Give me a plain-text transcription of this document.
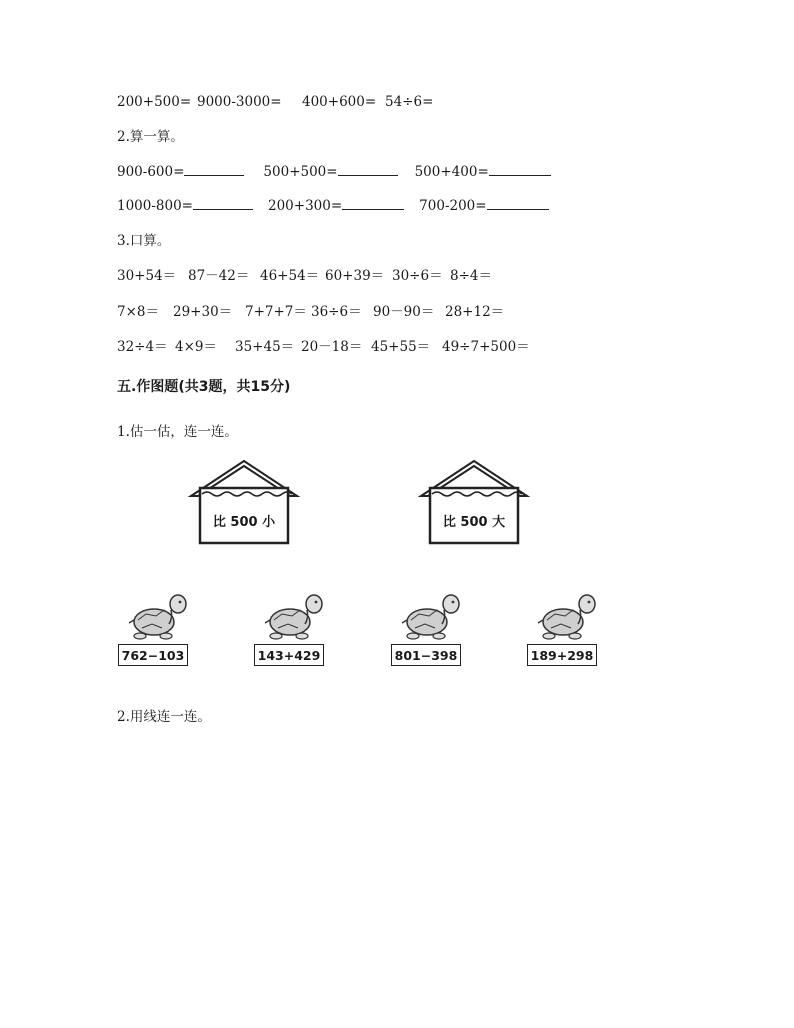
200+500= 9000-3000= 400+600= 54÷6=
2.算一算。
900-600=	500+500=	500+400=
1000-800=	200+300=	700-200=
3.口算。
30+54＝ 87－42＝ 46+54＝ 60+39＝ 30÷6＝ 8÷4＝
7×8＝ 29+30＝ 7+7+7＝ 36÷6＝ 90－90＝ 28+12＝
32÷4＝ 4×9＝ 35+45＝ 20－18＝ 45+55＝ 49÷7+500＝
五.作图题(共3题，共15分)
1.估一估，连一连。
比 500 小	比 500 大
762−103	143+429	801−398	189+298
2.用线连一连。
